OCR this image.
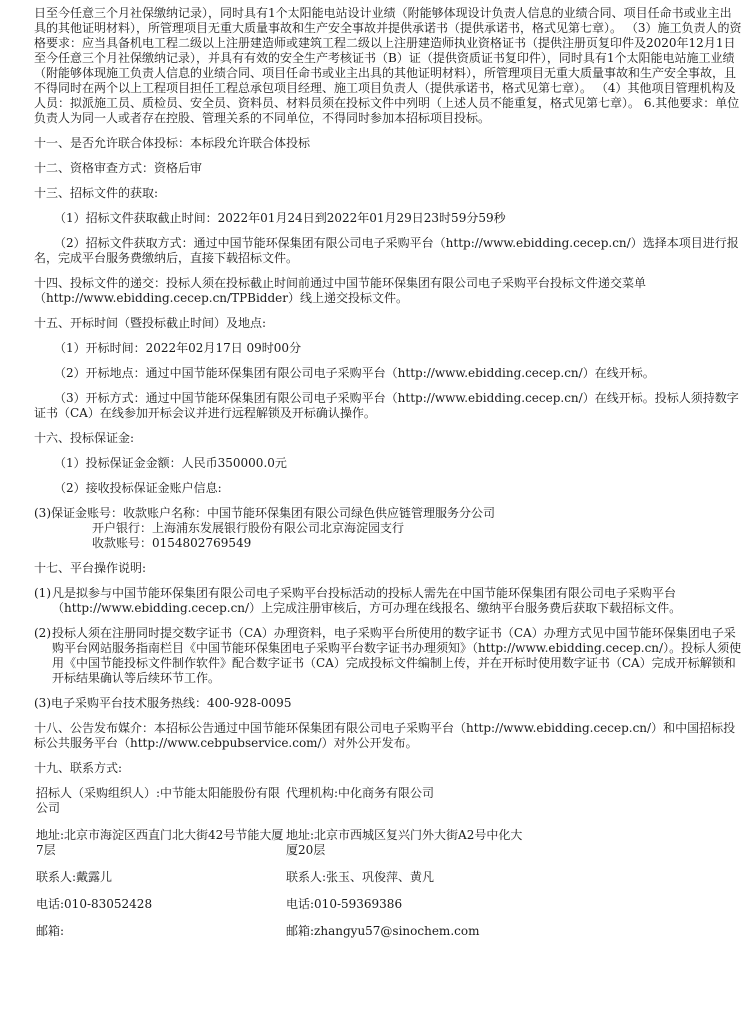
日至今任意三个月社保缴纳记录），同时具有1个太阳能电站设计业绩（附能够体现设计负责人信息的业绩合同、项目任命书或业主出具的其他证明材料），所管理项目无重大质量事故和生产安全事故并提供承诺书（提供承诺书，格式见第七章）。 （3）施工负责人的资格要求：应当具备机电工程二级以上注册建造师或建筑工程二级以上注册建造师执业资格证书（提供注册页复印件及2020年12月1日至今任意三个月社保缴纳记录），并具有有效的安全生产考核证书（B）证（提供资质证书复印件），同时具有1个太阳能电站施工业绩（附能够体现施工负责人信息的业绩合同、项目任命书或业主出具的其他证明材料），所管理项目无重大质量事故和生产安全事故，且不得同时在两个以上工程项目担任工程总承包项目经理、施工项目负责人（提供承诺书，格式见第七章）。 （4）其他项目管理机构及人员：拟派施工员、质检员、安全员、资料员、材料员须在投标文件中列明（上述人员不能重复，格式见第七章）。 6.其他要求：单位负责人为同一人或者存在控股、管理关系的不同单位，不得同时参加本招标项目投标。

十一、是否允许联合体投标：本标段允许联合体投标

十二、资格审查方式：资格后审

十三、招标文件的获取:

（1）招标文件获取截止时间：2022年01月24日到2022年01月29日23时59分59秒

（2）招标文件获取方式：通过中国节能环保集团有限公司电子采购平台（http://www.ebidding.cecep.cn/）选择本项目进行报名，完成平台服务费缴纳后，直接下载招标文件。

十四、投标文件的递交：投标人须在投标截止时间前通过中国节能环保集团有限公司电子采购平台投标文件递交菜单（http://www.ebidding.cecep.cn/TPBidder）线上递交投标文件。

十五、开标时间（暨投标截止时间）及地点:

（1）开标时间：2022年02月17日 09时00分

（2）开标地点：通过中国节能环保集团有限公司电子采购平台（http://www.ebidding.cecep.cn/）在线开标。

（3）开标方式：通过中国节能环保集团有限公司电子采购平台（http://www.ebidding.cecep.cn/）在线开标。投标人须持数字证书（CA）在线参加开标会议并进行远程解锁及开标确认操作。

十六、投标保证金:

（1）投标保证金金额：人民币350000.0元

（2）接收投标保证金账户信息:

(3)保证金账号：收款账户名称：中国节能环保集团有限公司绿色供应链管理服务分公司

开户银行：上海浦东发展银行股份有限公司北京海淀园支行

收款账号：0154802769549

十七、平台操作说明:

(1) 凡是拟参与中国节能环保集团有限公司电子采购平台投标活动的投标人需先在中国节能环保集团有限公司电子采购平台（http://www.ebidding.cecep.cn/）上完成注册审核后，方可办理在线报名、缴纳平台服务费后获取下载招标文件。
(2) 投标人须在注册同时提交数字证书（CA）办理资料，电子采购平台所使用的数字证书（CA）办理方式见中国节能环保集团电子采购平台网站服务指南栏目《中国节能环保集团电子采购平台数字证书办理须知》（http://www.ebidding.cecep.cn/）。投标人须使用《中国节能投标文件制作软件》配合数字证书（CA）完成投标文件编制上传，并在开标时使用数字证书（CA）完成开标解锁和开标结果确认等后续环节工作。

(3)电子采购平台技术服务热线：400-928-0095

十八、公告发布媒介：本招标公告通过中国节能环保集团有限公司电子采购平台（http://www.ebidding.cecep.cn/）和中国招标投标公共服务平台（http://www.cebpubservice.com/）对外公开发布。

十九、联系方式:

招标人（采购组织人）:中节能太阳能股份有限公司	代理机构:中化商务有限公司
地址:北京市海淀区西直门北大街42号节能大厦7层	地址:北京市西城区复兴门外大街A2号中化大厦20层
联系人:戴露儿	联系人:张玉、巩俊萍、黄凡
电话:010-83052428	电话:010-59369386
邮箱:	邮箱:zhangyu57@sinochem.com
